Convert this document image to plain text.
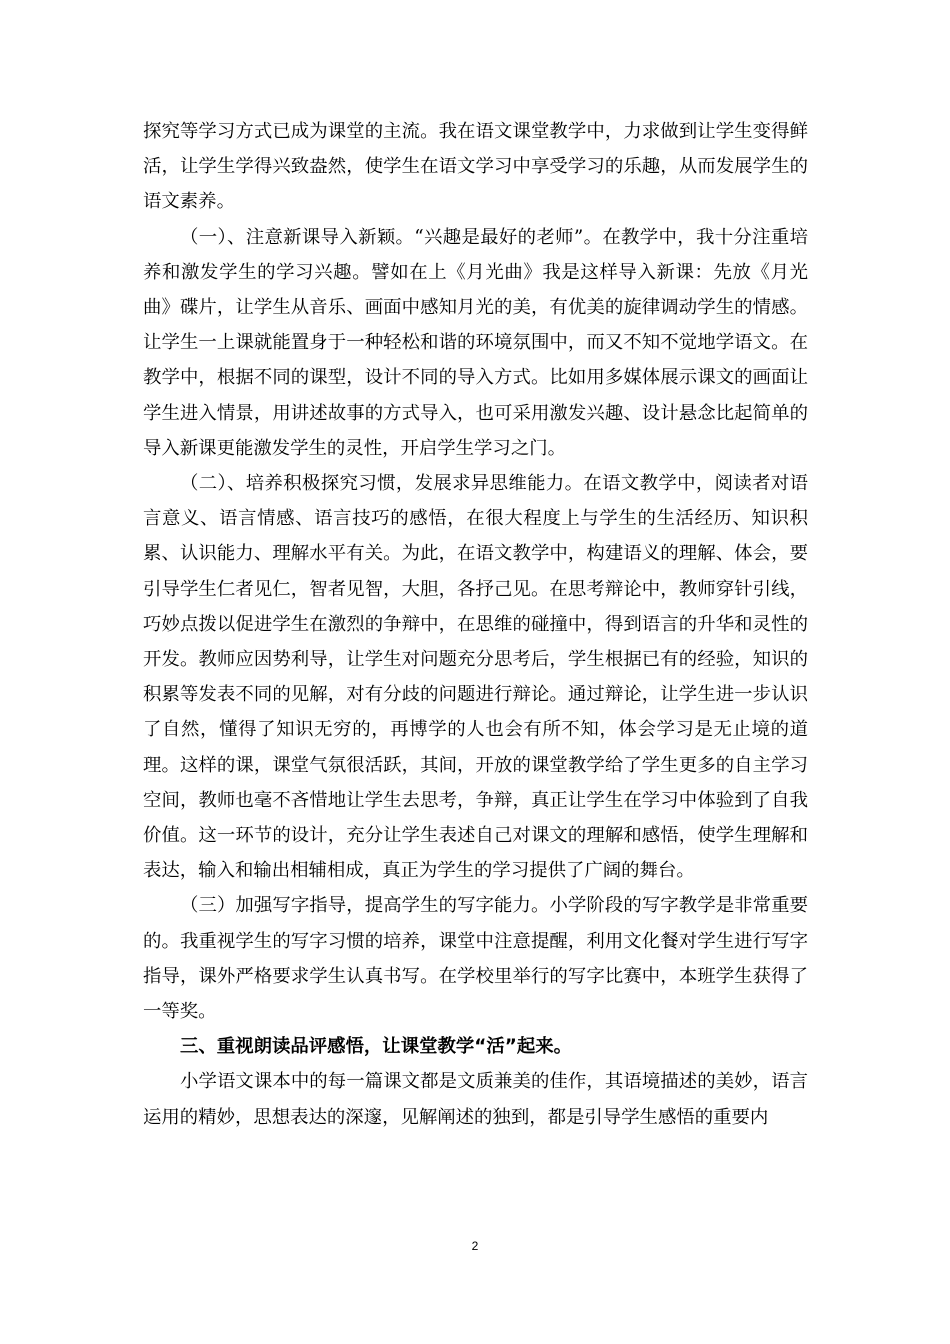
探究等学习方式已成为课堂的主流。我在语文课堂教学中，力求做到让学生变得鲜活，让学生学得兴致盎然，使学生在语文学习中享受学习的乐趣，从而发展学生的语文素养。

（一）、注意新课导入新颖。“兴趣是最好的老师”。在教学中，我十分注重培养和激发学生的学习兴趣。譬如在上《月光曲》我是这样导入新课：先放《月光曲》碟片，让学生从音乐、画面中感知月光的美，有优美的旋律调动学生的情感。让学生一上课就能置身于一种轻松和谐的环境氛围中，而又不知不觉地学语文。在教学中，根据不同的课型，设计不同的导入方式。比如用多媒体展示课文的画面让学生进入情景，用讲述故事的方式导入，也可采用激发兴趣、设计悬念比起简单的导入新课更能激发学生的灵性，开启学生学习之门。

（二）、培养积极探究习惯，发展求异思维能力。在语文教学中，阅读者对语言意义、语言情感、语言技巧的感悟，在很大程度上与学生的生活经历、知识积累、认识能力、理解水平有关。为此，在语文教学中，构建语义的理解、体会，要引导学生仁者见仁，智者见智，大胆，各抒己见。在思考辩论中，教师穿针引线，巧妙点拨以促进学生在激烈的争辩中，在思维的碰撞中，得到语言的升华和灵性的开发。教师应因势利导，让学生对问题充分思考后，学生根据已有的经验，知识的积累等发表不同的见解，对有分歧的问题进行辩论。通过辩论，让学生进一步认识了自然，懂得了知识无穷的，再博学的人也会有所不知，体会学习是无止境的道理。这样的课，课堂气氛很活跃，其间，开放的课堂教学给了学生更多的自主学习空间，教师也毫不吝惜地让学生去思考，争辩，真正让学生在学习中体验到了自我价值。这一环节的设计，充分让学生表述自己对课文的理解和感悟，使学生理解和表达，输入和输出相辅相成，真正为学生的学习提供了广阔的舞台。

（三）加强写字指导，提高学生的写字能力。小学阶段的写字教学是非常重要的。我重视学生的写字习惯的培养，课堂中注意提醒，利用文化餐对学生进行写字指导，课外严格要求学生认真书写。在学校里举行的写字比赛中，本班学生获得了一等奖。

三、重视朗读品评感悟，让课堂教学“活”起来。

小学语文课本中的每一篇课文都是文质兼美的佳作，其语境描述的美妙，语言运用的精妙，思想表达的深邃，见解阐述的独到，都是引导学生感悟的重要内

2
